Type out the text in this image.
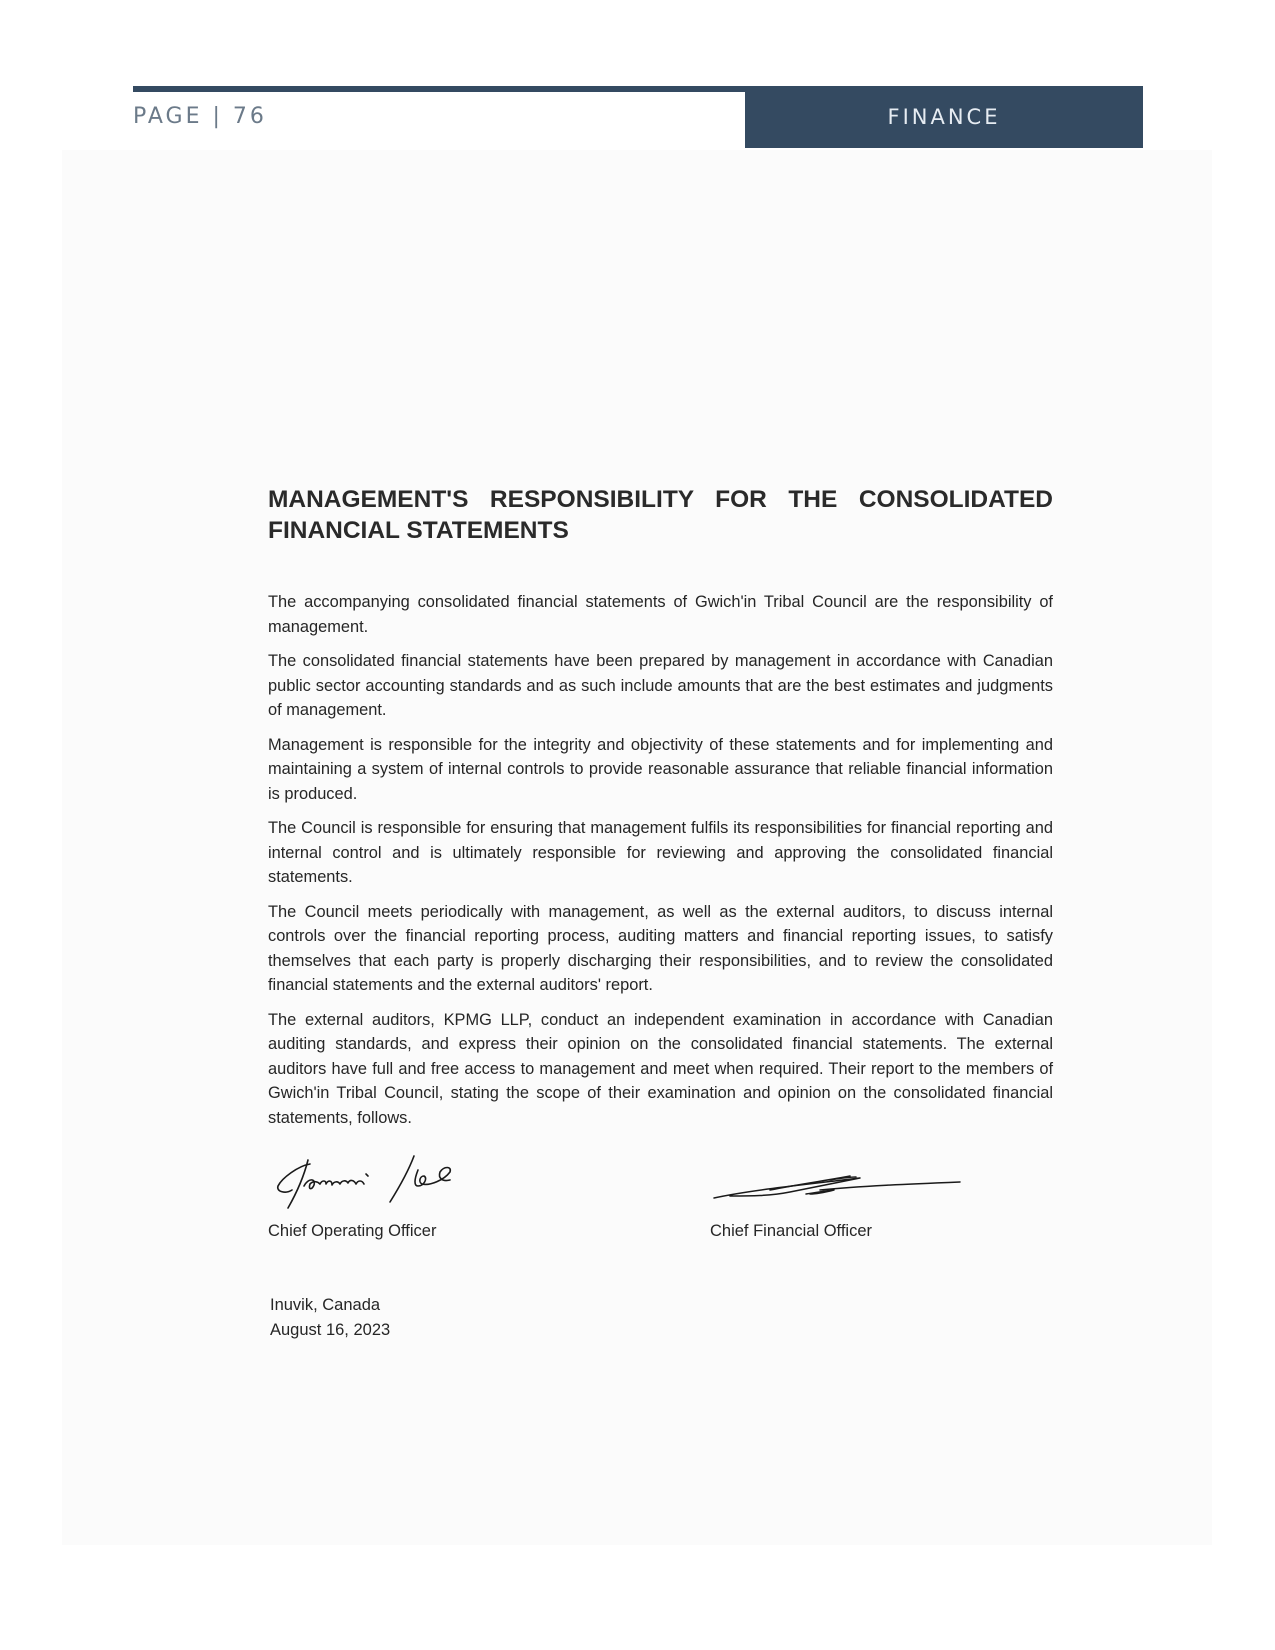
PAGE | 76	FINANCE
MANAGEMENT'S RESPONSIBILITY FOR THE CONSOLIDATED FINANCIAL STATEMENTS

The accompanying consolidated financial statements of Gwich'in Tribal Council are the responsibility of management.

The consolidated financial statements have been prepared by management in accordance with Canadian public sector accounting standards and as such include amounts that are the best estimates and judgments of management.

Management is responsible for the integrity and objectivity of these statements and for implementing and maintaining a system of internal controls to provide reasonable assurance that reliable financial information is produced.

The Council is responsible for ensuring that management fulfils its responsibilities for financial reporting and internal control and is ultimately responsible for reviewing and approving the consolidated financial statements.

The Council meets periodically with management, as well as the external auditors, to discuss internal controls over the financial reporting process, auditing matters and financial reporting issues, to satisfy themselves that each party is properly discharging their responsibilities, and to review the consolidated financial statements and the external auditors' report.

The external auditors, KPMG LLP, conduct an independent examination in accordance with Canadian auditing standards, and express their opinion on the consolidated financial statements. The external auditors have full and free access to management and meet when required. Their report to the members of Gwich'in Tribal Council, stating the scope of their examination and opinion on the consolidated financial statements, follows.

Chief Operating Officer	Chief Financial Officer
Inuvik, Canada
August 16, 2023
